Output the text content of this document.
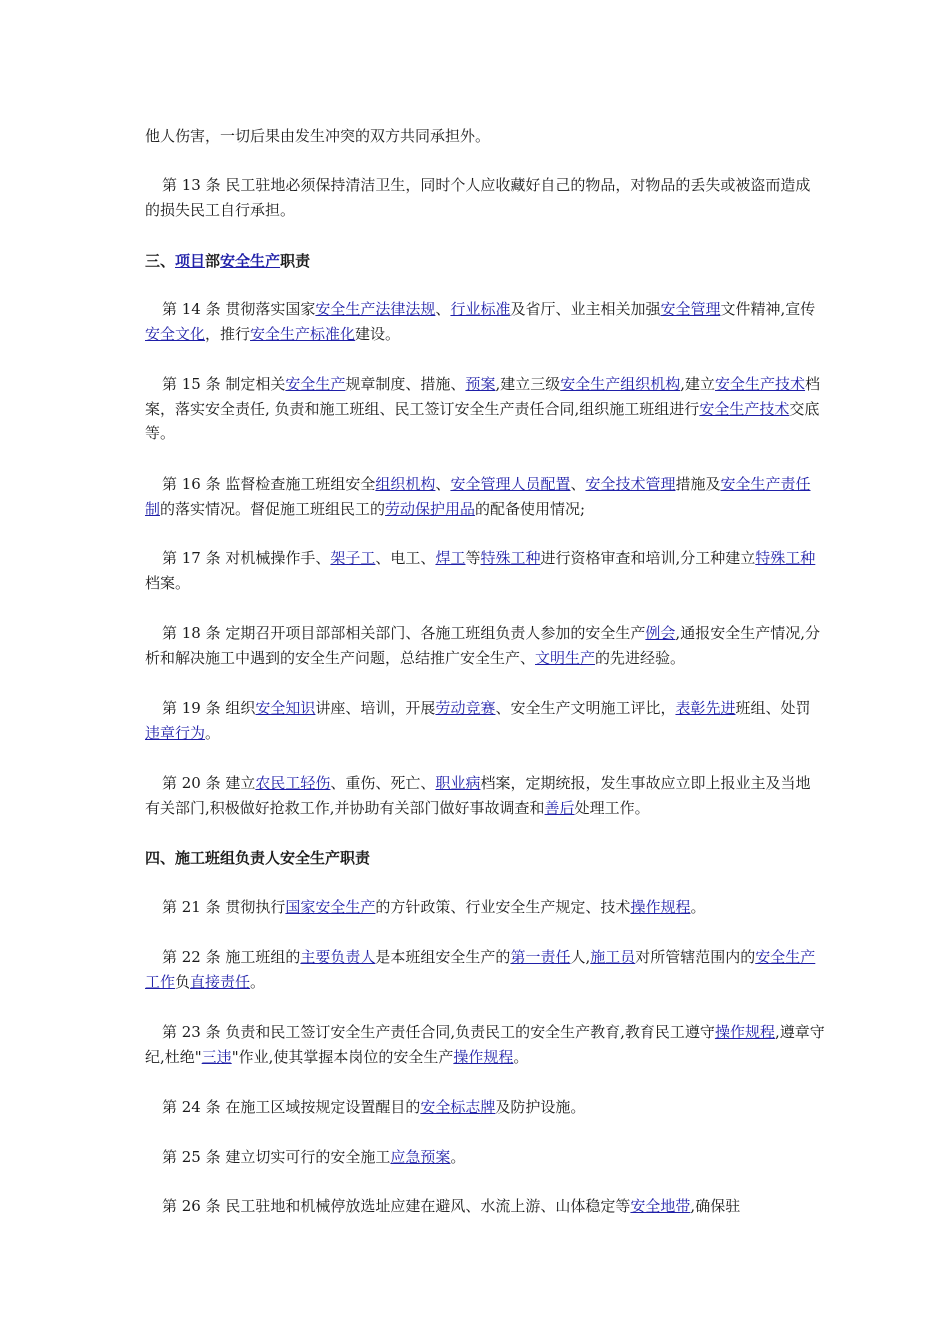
他人伤害，一切后果由发生冲突的双方共同承担外。

第 13 条 民工驻地必须保持清洁卫生，同时个人应收藏好自己的物品，对物品的丢失或被盗而造成的损失民工自行承担。

三、项目部安全生产职责

第 14 条 贯彻落实国家安全生产法律法规、行业标准及省厅、业主相关加强安全管理文件精神,宣传安全文化，推行安全生产标准化建设。

第 15 条 制定相关安全生产规章制度、措施、预案,建立三级安全生产组织机构,建立安全生产技术档案，落实安全责任, 负责和施工班组、民工签订安全生产责任合同,组织施工班组进行安全生产技术交底等。

第 16 条 监督检查施工班组安全组织机构、安全管理人员配置、安全技术管理措施及安全生产责任制的落实情况。督促施工班组民工的劳动保护用品的配备使用情况;

第 17 条 对机械操作手、架子工、电工、焊工等特殊工种进行资格审查和培训,分工种建立特殊工种档案。

第 18 条 定期召开项目部部相关部门、各施工班组负责人参加的安全生产例会,通报安全生产情况,分析和解决施工中遇到的安全生产问题，总结推广安全生产、文明生产的先进经验。

第 19 条 组织安全知识讲座、培训，开展劳动竞赛、安全生产文明施工评比，表彰先进班组、处罚违章行为。

第 20 条 建立农民工轻伤、重伤、死亡、职业病档案，定期统报，发生事故应立即上报业主及当地有关部门,积极做好抢救工作,并协助有关部门做好事故调查和善后处理工作。

四、施工班组负责人安全生产职责

第 21 条 贯彻执行国家安全生产的方针政策、行业安全生产规定、技术操作规程。

第 22 条 施工班组的主要负责人是本班组安全生产的第一责任人,施工员对所管辖范围内的安全生产工作负直接责任。

第 23 条 负责和民工签订安全生产责任合同,负责民工的安全生产教育,教育民工遵守操作规程,遵章守纪,杜绝"三违"作业,使其掌握本岗位的安全生产操作规程。

第 24 条 在施工区域按规定设置醒目的安全标志牌及防护设施。

第 25 条 建立切实可行的安全施工应急预案。

第 26 条 民工驻地和机械停放选址应建在避风、水流上游、山体稳定等安全地带,确保驻
